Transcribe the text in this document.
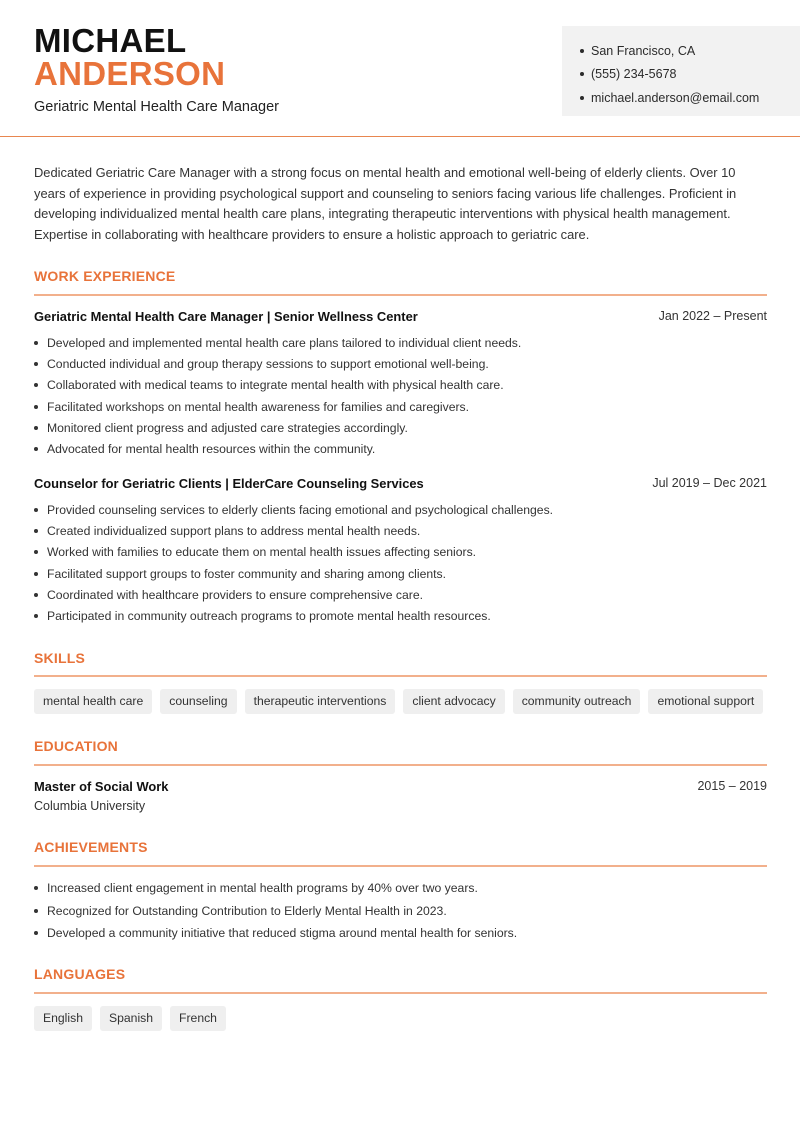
MICHAEL
ANDERSON
Geriatric Mental Health Care Manager
San Francisco, CA
(555) 234-5678
michael.anderson@email.com

Dedicated Geriatric Care Manager with a strong focus on mental health and emotional well-being of elderly clients. Over 10 years of experience in providing psychological support and counseling to seniors facing various life challenges. Proficient in developing individualized mental health care plans, integrating therapeutic interventions with physical health management. Expertise in collaborating with healthcare providers to ensure a holistic approach to geriatric care.

WORK EXPERIENCE
Geriatric Mental Health Care Manager | Senior Wellness Center	Jan 2022 – Present
Developed and implemented mental health care plans tailored to individual client needs.
Conducted individual and group therapy sessions to support emotional well-being.
Collaborated with medical teams to integrate mental health with physical health care.
Facilitated workshops on mental health awareness for families and caregivers.
Monitored client progress and adjusted care strategies accordingly.
Advocated for mental health resources within the community.
Counselor for Geriatric Clients | ElderCare Counseling Services	Jul 2019 – Dec 2021
Provided counseling services to elderly clients facing emotional and psychological challenges.
Created individualized support plans to address mental health needs.
Worked with families to educate them on mental health issues affecting seniors.
Facilitated support groups to foster community and sharing among clients.
Coordinated with healthcare providers to ensure comprehensive care.
Participated in community outreach programs to promote mental health resources.
SKILLS
mental health care	counseling	therapeutic interventions	client advocacy	community outreach	emotional support
EDUCATION
Master of Social Work	2015 – 2019
Columbia University
ACHIEVEMENTS
Increased client engagement in mental health programs by 40% over two years.
Recognized for Outstanding Contribution to Elderly Mental Health in 2023.
Developed a community initiative that reduced stigma around mental health for seniors.
LANGUAGES
English	Spanish	French
